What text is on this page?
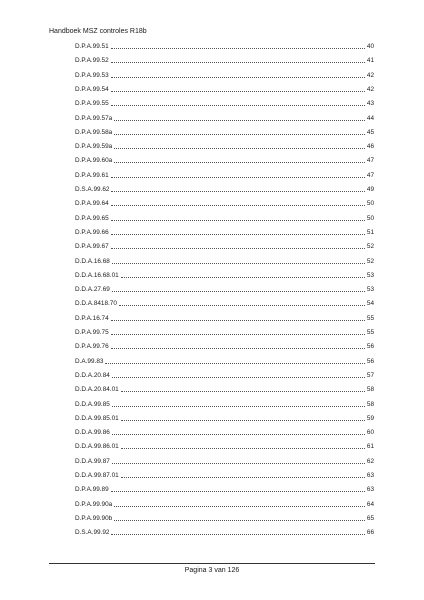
Handboek MSZ controles R18b
D.P.A.99.51	40
D.P.A.99.52	41
D.P.A.99.53	42
D.P.A.99.54	42
D.P.A.99.55	43
D.P.A.99.57a	44
D.P.A.99.58a	45
D.P.A.99.59a	46
D.P.A.99.60a	47
D.P.A.99.61	47
D.S.A.99.62	49
D.P.A.99.64	50
D.P.A.99.65	50
D.P.A.99.66	51
D.P.A.99.67	52
D.D.A.16.68	52
D.D.A.16.68.01	53
D.D.A.27.69	53
D.D.A.8418.70	54
D.P.A.16.74	55
D.P.A.99.75	55
D.P.A.99.76	56
D.A.99.83	56
D.D.A.20.84	57
D.D.A.20.84.01	58
D.D.A.99.85	58
D.D.A.99.85.01	59
D.D.A.99.86	60
D.D.A.99.86.01	61
D.D.A.99.87	62
D.D.A.99.87.01	63
D.P.A.99.89	63
D.P.A.99.90a	64
D.P.A.99.90b	65
D.S.A.99.92	66
Pagina 3 van 126
